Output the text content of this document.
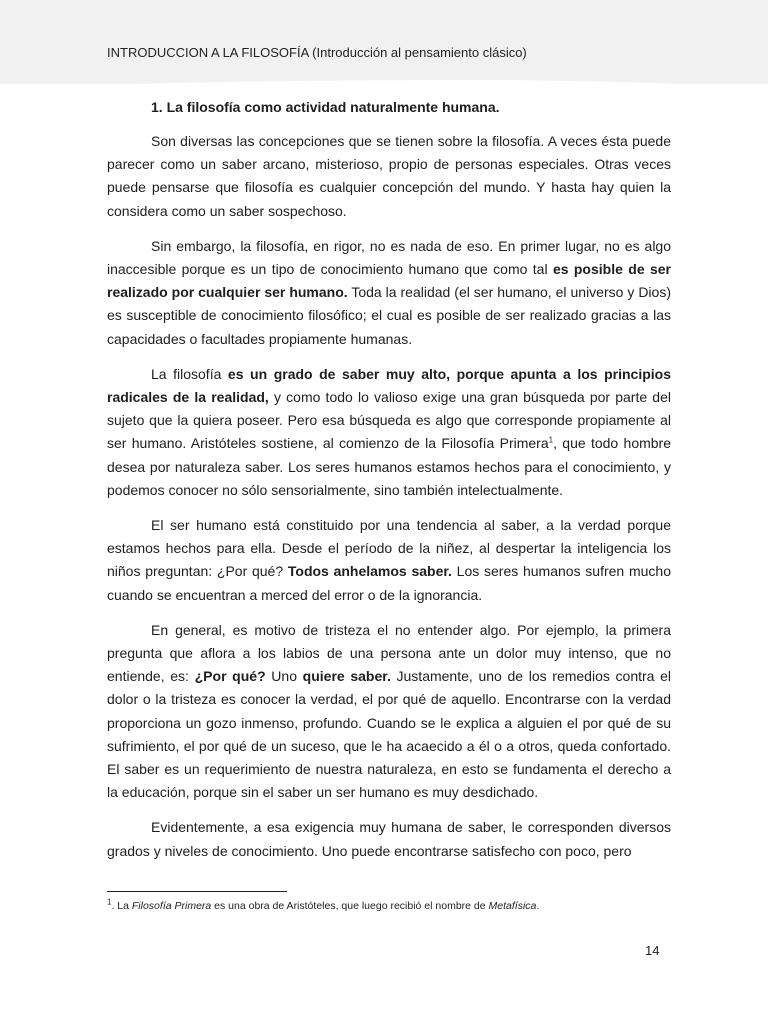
INTRODUCCION A LA FILOSOFÍA (Introducción al pensamiento clásico)

1. La filosofía como actividad naturalmente humana.

Son diversas las concepciones que se tienen sobre la filosofía. A veces ésta puede parecer como un saber arcano, misterioso, propio de personas especiales. Otras veces puede pensarse que filosofía es cualquier concepción del mundo. Y hasta hay quien la considera como un saber sospechoso.

Sin embargo, la filosofía, en rigor, no es nada de eso. En primer lugar, no es algo inaccesible porque es un tipo de conocimiento humano que como tal es posible de ser realizado por cualquier ser humano. Toda la realidad (el ser humano, el universo y Dios) es susceptible de conocimiento filosófico; el cual es posible de ser realizado gracias a las capacidades o facultades propiamente humanas.

La filosofía es un grado de saber muy alto, porque apunta a los principios radicales de la realidad, y como todo lo valioso exige una gran búsqueda por parte del sujeto que la quiera poseer. Pero esa búsqueda es algo que corresponde propiamente al ser humano. Aristóteles sostiene, al comienzo de la Filosofía Primera$^1$, que todo hombre desea por naturaleza saber. Los seres humanos estamos hechos para el conocimiento, y podemos conocer no sólo sensorialmente, sino también intelectualmente.

El ser humano está constituido por una tendencia al saber, a la verdad porque estamos hechos para ella. Desde el período de la niñez, al despertar la inteligencia los niños preguntan: ¿Por qué? Todos anhelamos saber. Los seres humanos sufren mucho cuando se encuentran a merced del error o de la ignorancia.

En general, es motivo de tristeza el no entender algo. Por ejemplo, la primera pregunta que aflora a los labios de una persona ante un dolor muy intenso, que no entiende, es: ¿Por qué? Uno quiere saber. Justamente, uno de los remedios contra el dolor o la tristeza es conocer la verdad, el por qué de aquello. Encontrarse con la verdad proporciona un gozo inmenso, profundo. Cuando se le explica a alguien el por qué de su sufrimiento, el por qué de un suceso, que le ha acaecido a él o a otros, queda confortado. El saber es un requerimiento de nuestra naturaleza, en esto se fundamenta el derecho a la educación, porque sin el saber un ser humano es muy desdichado.

Evidentemente, a esa exigencia muy humana de saber, le corresponden diversos grados y niveles de conocimiento. Uno puede encontrarse satisfecho con poco, pero

$^1$. La Filosofía Primera es una obra de Aristóteles, que luego recibió el nombre de Metafísica.
14
